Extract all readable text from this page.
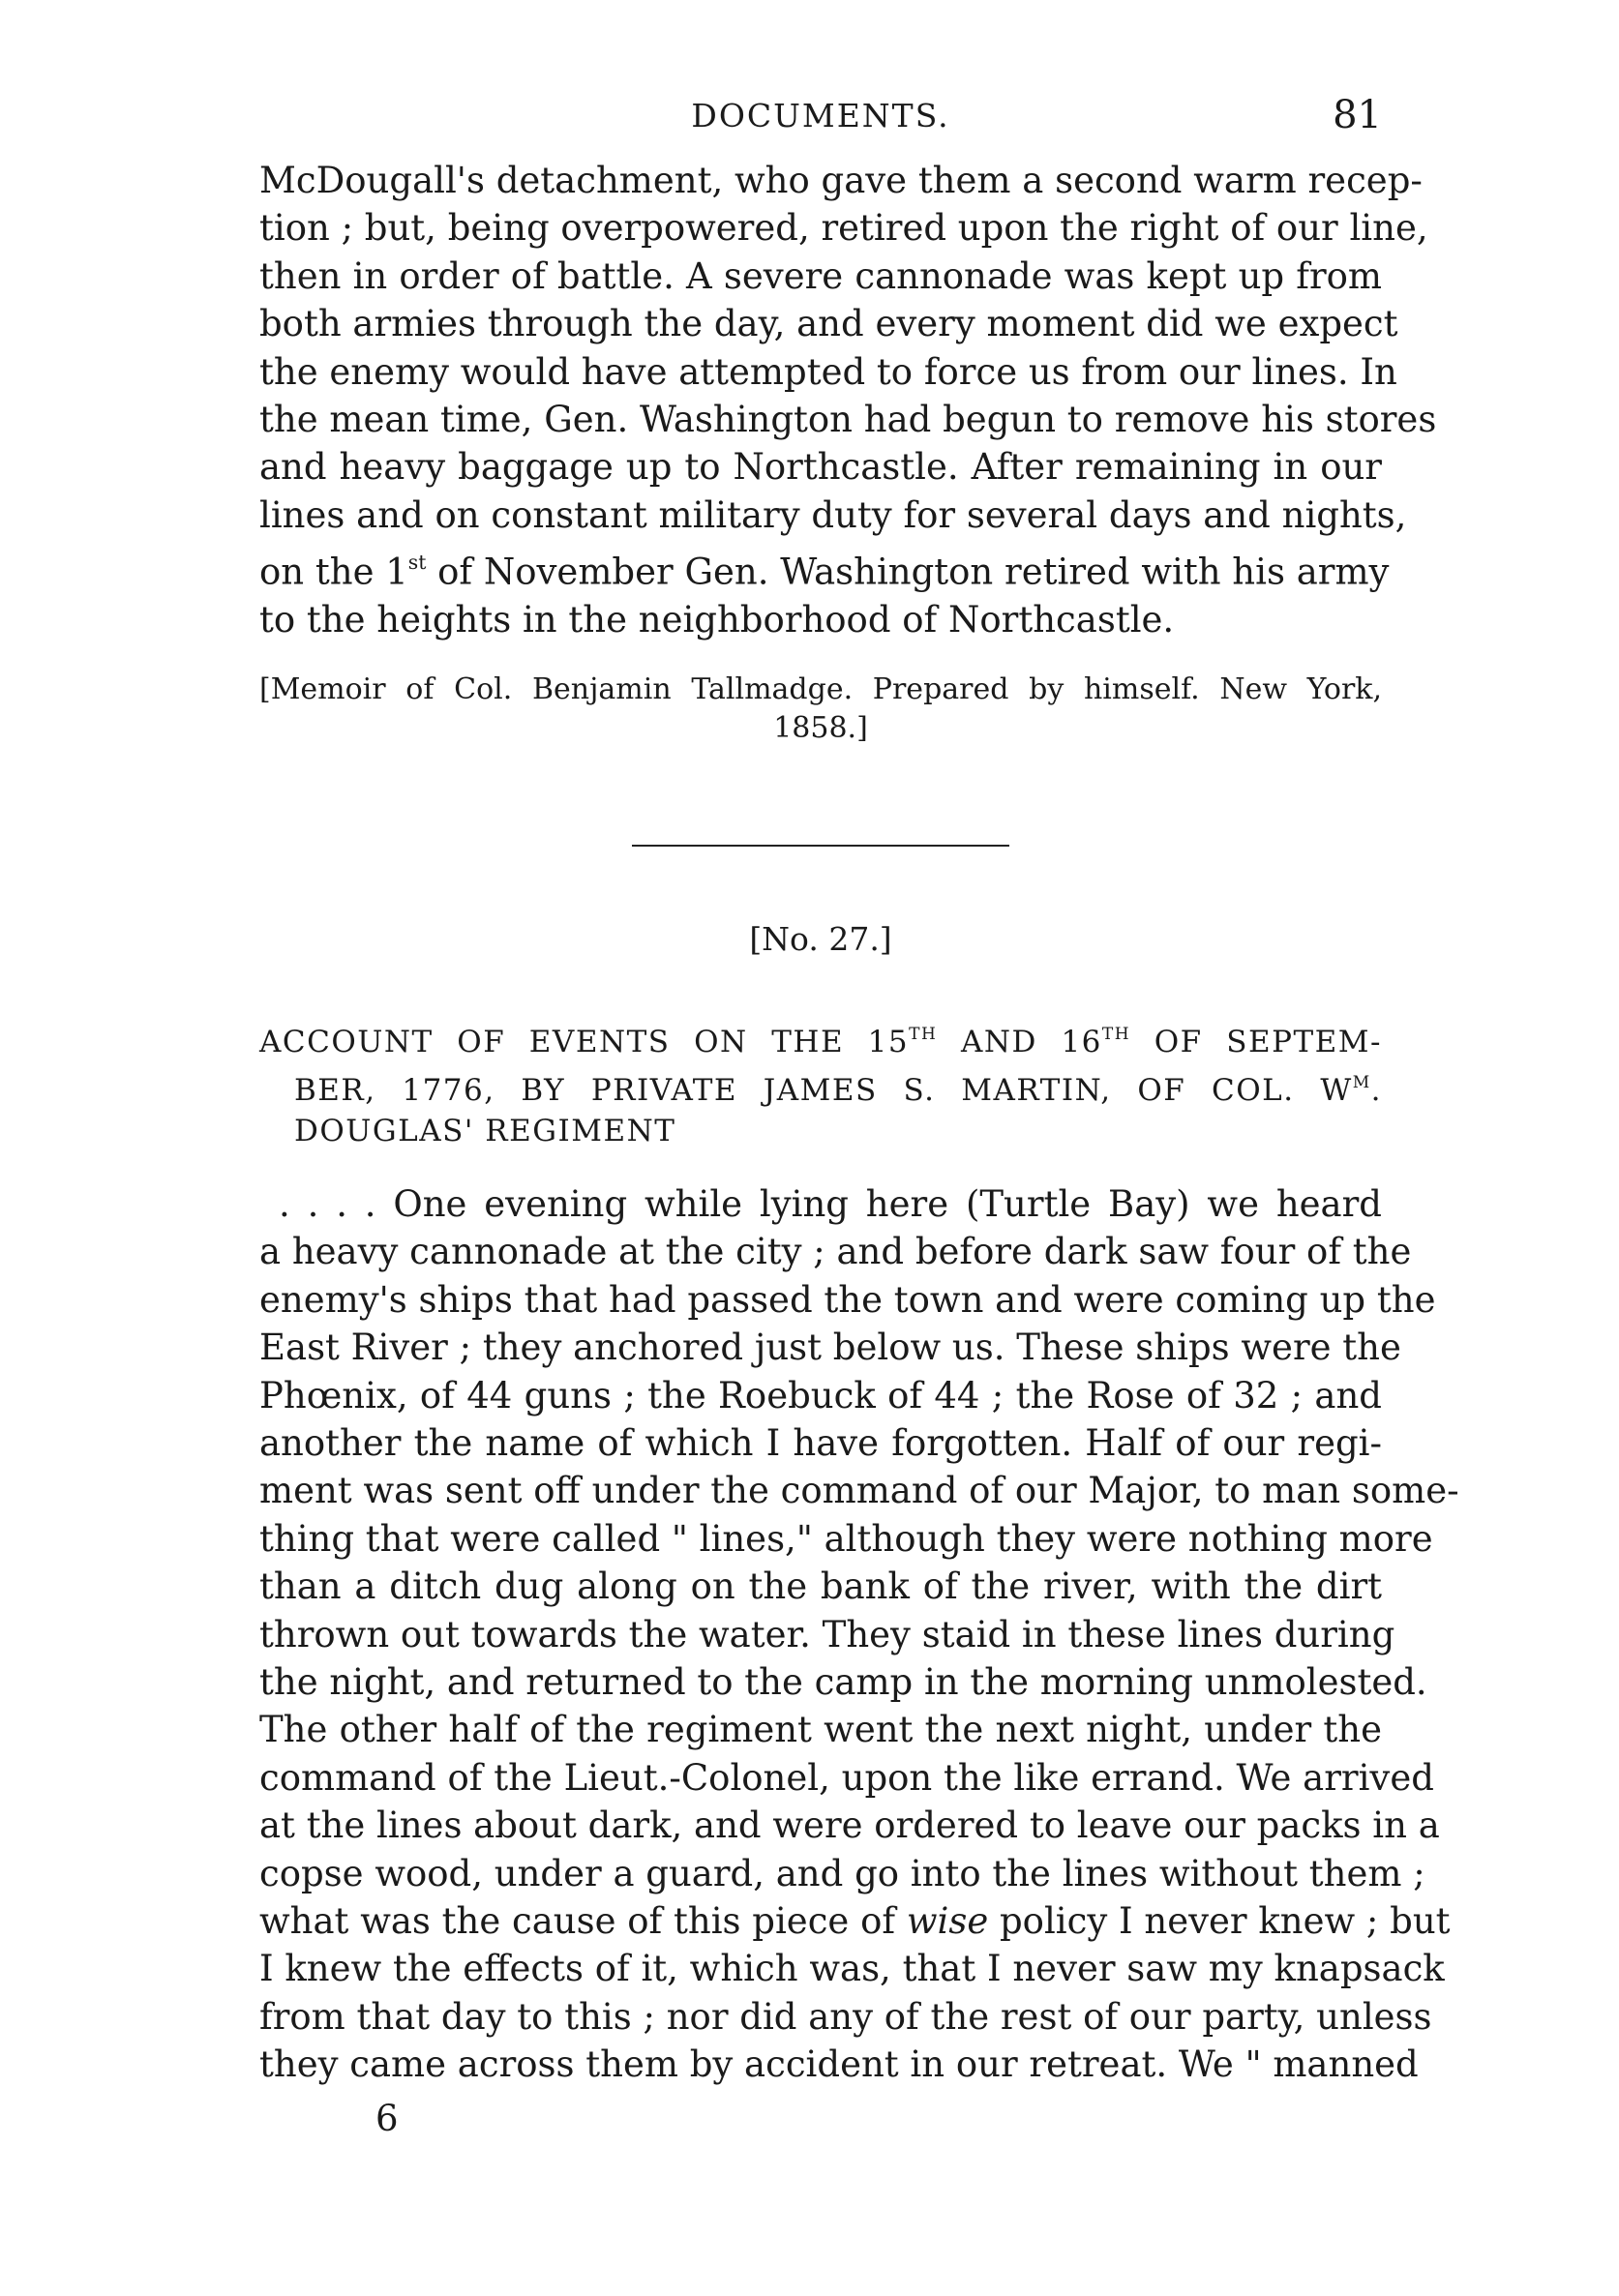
DOCUMENTS.	81
McDougall's detachment, who gave them a second warm recep-
tion ; but, being overpowered, retired upon the right of our line,
then in order of battle. A severe cannonade was kept up from
both armies through the day, and every moment did we expect
the enemy would have attempted to force us from our lines. In
the mean time, Gen. Washington had begun to remove his stores
and heavy baggage up to Northcastle. After remaining in our
lines and on constant military duty for several days and nights,
on the 1st of November Gen. Washington retired with his army
to the heights in the neighborhood of Northcastle.
[Memoir of Col. Benjamin Tallmadge. Prepared by himself. New York,
1858.]
[No. 27.]
ACCOUNT OF EVENTS ON THE 15TH AND 16TH OF SEPTEM-
BER, 1776, BY PRIVATE JAMES S. MARTIN, OF COL. $W^M$.
DOUGLAS' REGIMENT
. . . . One evening while lying here (Turtle Bay) we heard
a heavy cannonade at the city ; and before dark saw four of the
enemy's ships that had passed the town and were coming up the
East River ; they anchored just below us. These ships were the
Phœnix, of 44 guns ; the Roebuck of 44 ; the Rose of 32 ; and
another the name of which I have forgotten. Half of our regi-
ment was sent off under the command of our Major, to man some-
thing that were called " lines," although they were nothing more
than a ditch dug along on the bank of the river, with the dirt
thrown out towards the water. They staid in these lines during
the night, and returned to the camp in the morning unmolested.
The other half of the regiment went the next night, under the
command of the Lieut.-Colonel, upon the like errand. We arrived
at the lines about dark, and were ordered to leave our packs in a
copse wood, under a guard, and go into the lines without them ;
what was the cause of this piece of wise policy I never knew ; but
I knew the effects of it, which was, that I never saw my knapsack
from that day to this ; nor did any of the rest of our party, unless
they came across them by accident in our retreat. We " manned
6
